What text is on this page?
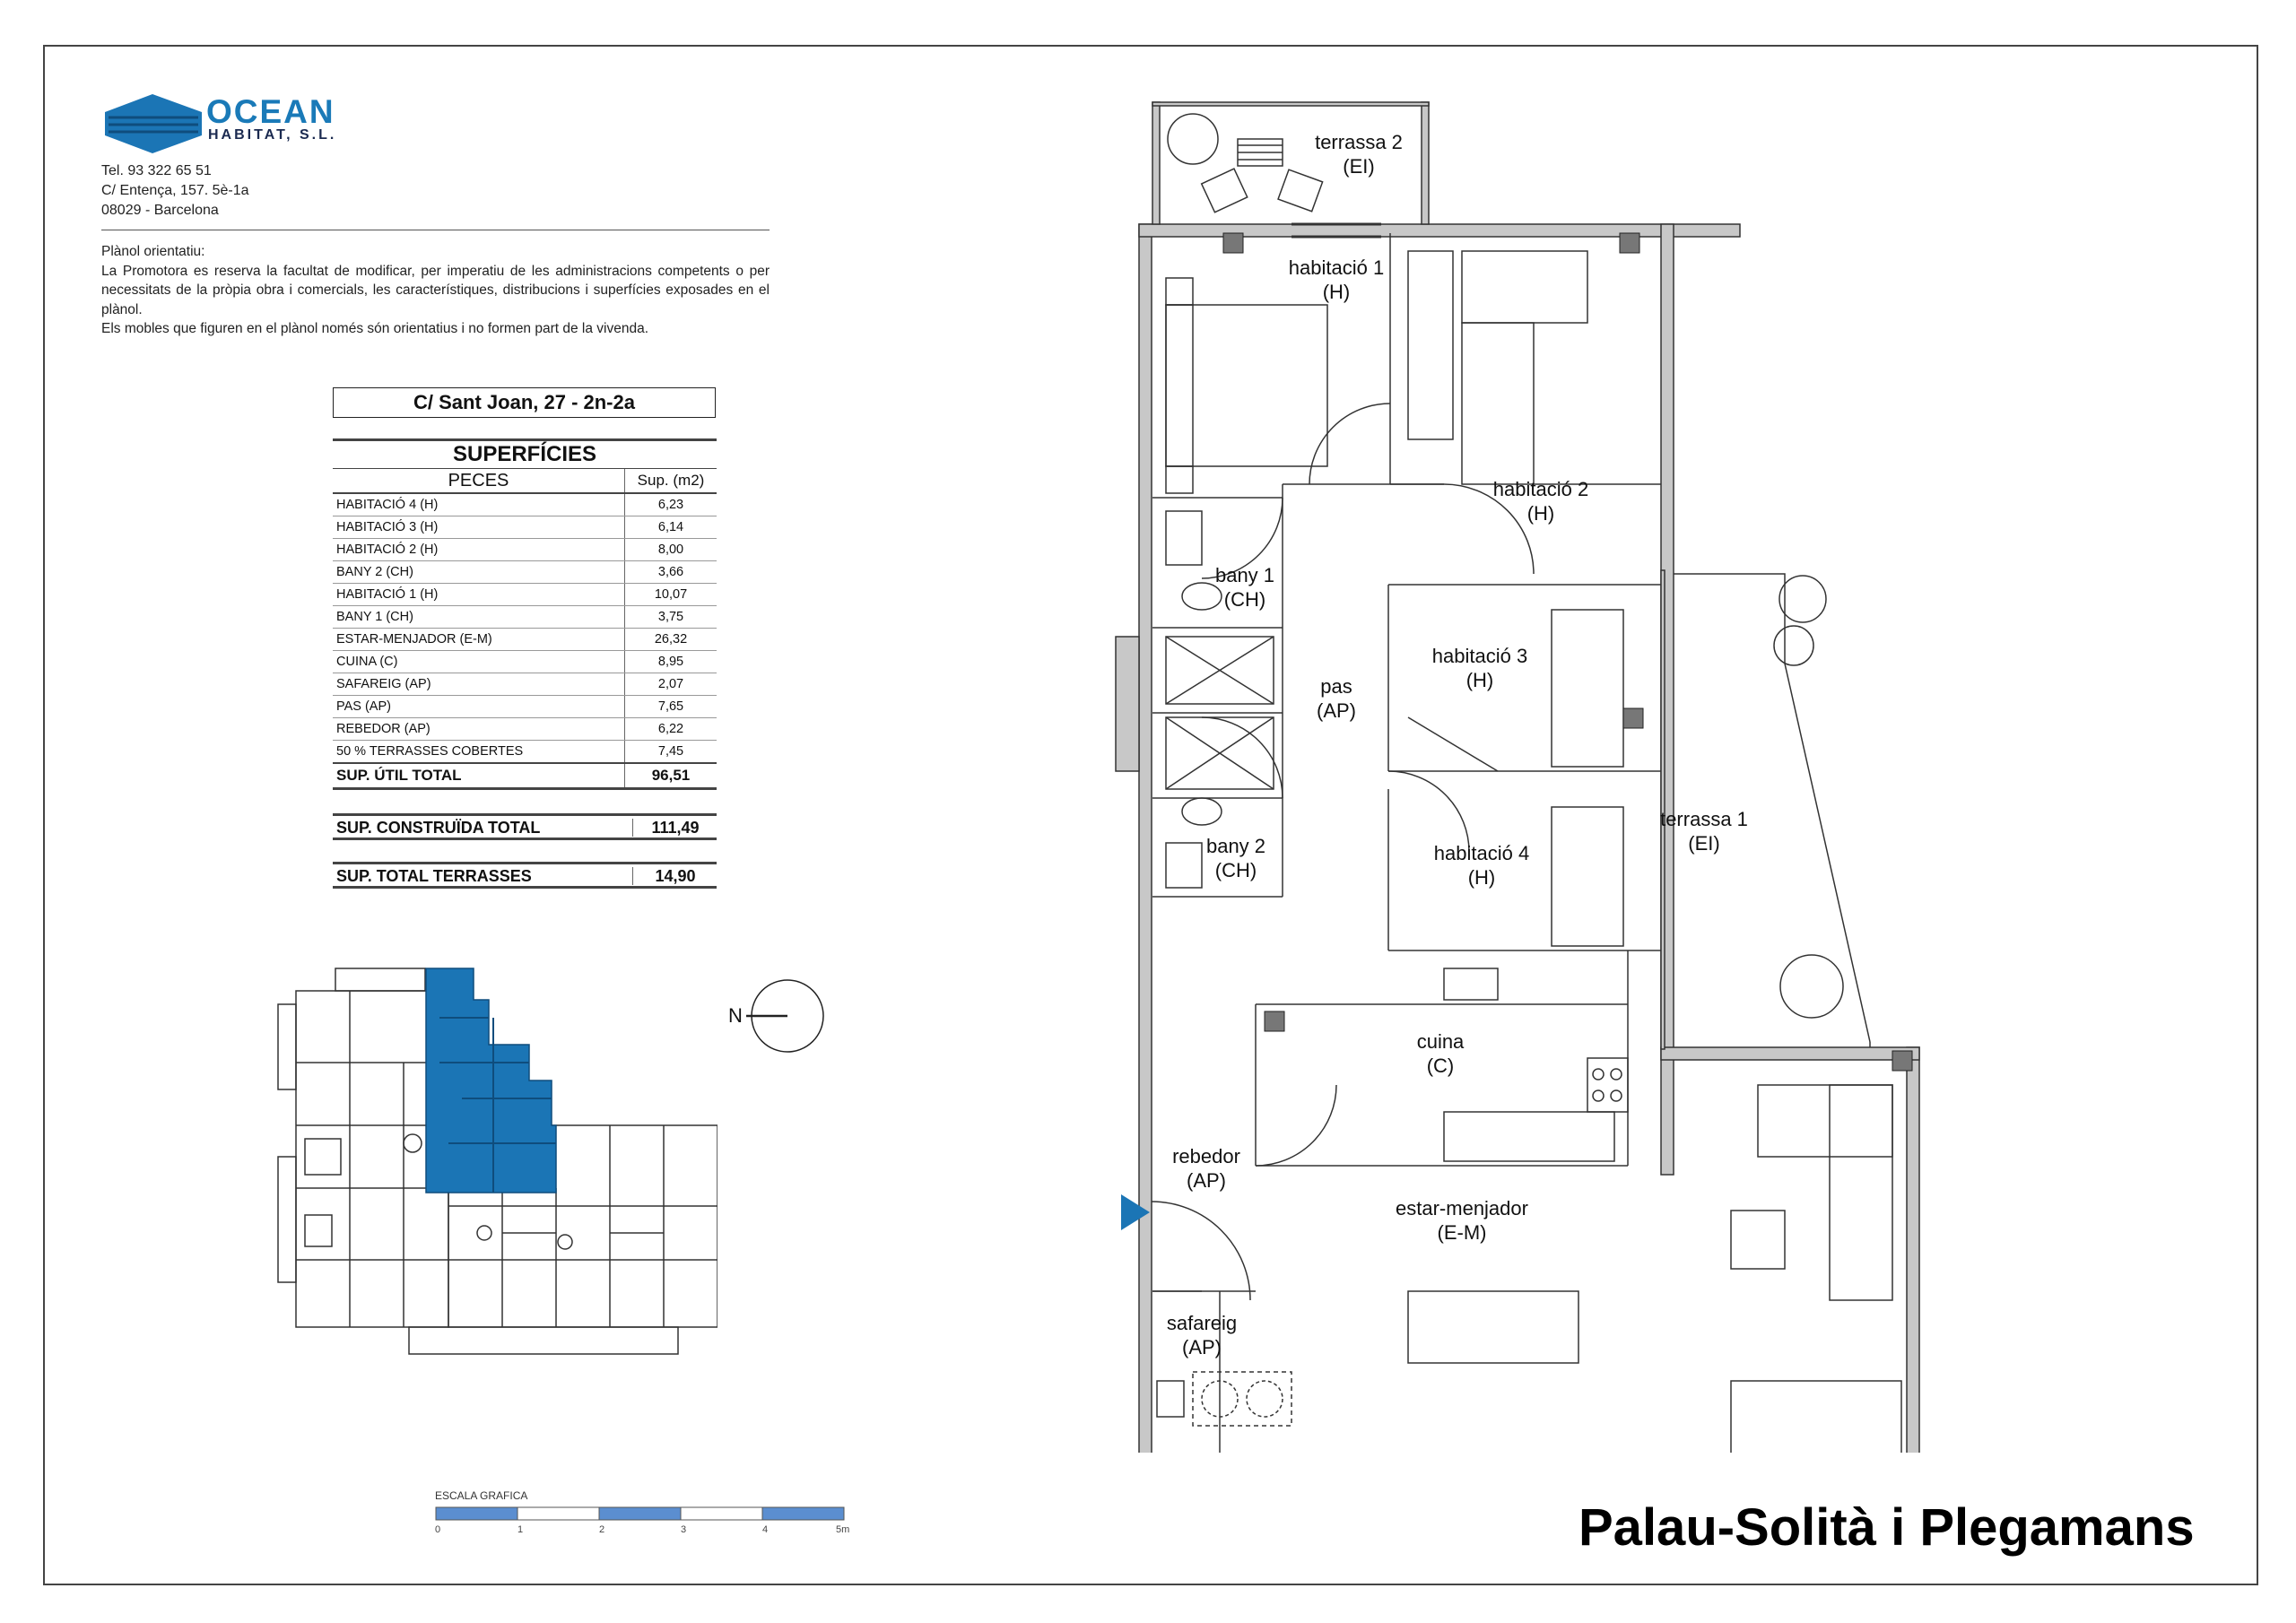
OCEAN
HABITAT, S.L.
Tel. 93 322 65 51
C/ Entença, 157. 5è-1a
08029 - Barcelona
Plànol orientatiu:
La Promotora es reserva la facultat de modificar, per imperatiu de les administracions competents o per necessitats de la pròpia obra i comercials, les característiques, distribucions i superfícies exposades en el plànol.
Els mobles que figuren en el plànol només són orientatius i no formen part de la vivenda.
C/ Sant Joan, 27 - 2n-2a
SUPERFÍCIES	
PECES	Sup. (m2)
HABITACIÓ 4 (H)	6,23
HABITACIÓ 3 (H)	6,14
HABITACIÓ 2 (H)	8,00
BANY 2 (CH)	3,66
HABITACIÓ 1 (H)	10,07
BANY 1 (CH)	3,75
ESTAR-MENJADOR (E-M)	26,32
CUINA (C)	8,95
SAFAREIG (AP)	2,07
PAS (AP)	7,65
REBEDOR (AP)	6,22
50 % TERRASSES COBERTES	7,45
SUP. ÚTIL TOTAL	96,51
SUP. CONSTRUÏDA TOTAL	111,49
SUP. TOTAL TERRASSES	14,90
N
ESCALA GRAFICA
0	1	2	3	4	5m
terrassa 2
(EI)
habitació 1
(H)
habitació 2
(H)
bany 1
(CH)
habitació 3
(H)
pas
(AP)
terrassa 1
(EI)
bany 2
(CH)
habitació 4
(H)
cuina
(C)
rebedor
(AP)
estar-menjador
(E-M)
safareig
(AP)
Palau-Solità i Plegamans
